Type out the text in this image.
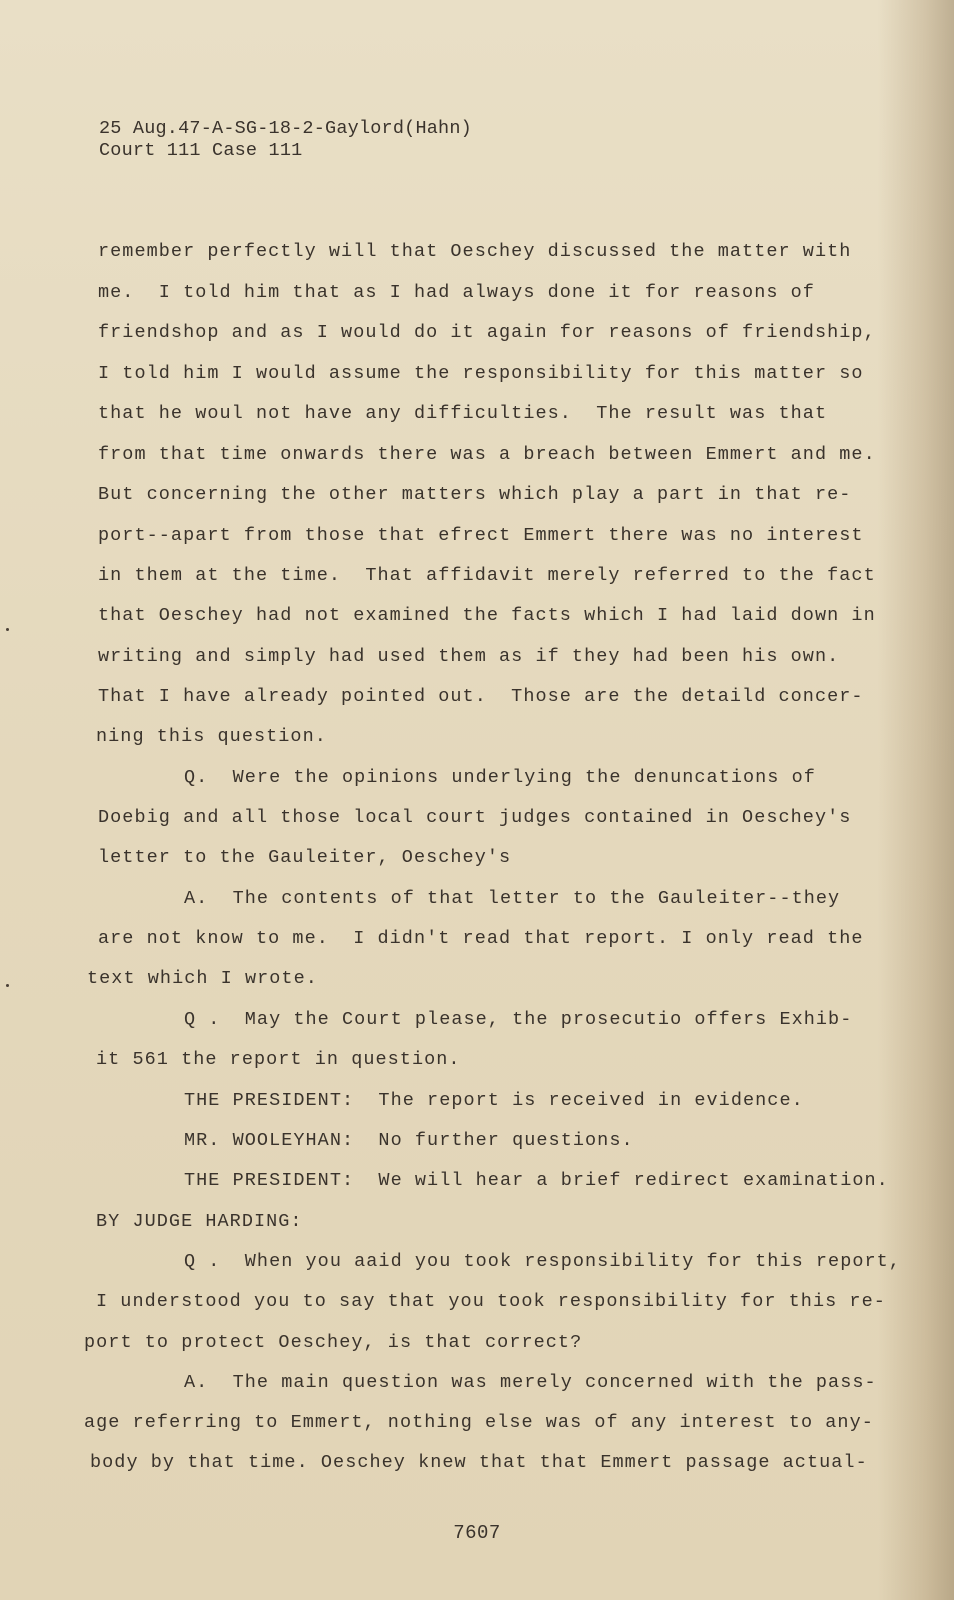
25 Aug.47-A-SG-18-2-Gaylord(Hahn)
Court 111 Case 111
remember perfectly will that Oeschey discussed the matter with
me.  I told him that as I had always done it for reasons of
friendshop and as I would do it again for reasons of friendship,
I told him I would assume the responsibility for this matter so
that he woul not have any difficulties.  The result was that
from that time onwards there was a breach between Emmert and me.
But concerning the other matters which play a part in that re-
port--apart from those that efrect Emmert there was no interest
in them at the time.  That affidavit merely referred to the fact
that Oeschey had not examined the facts which I had laid down in
writing and simply had used them as if they had been his own.
That I have already pointed out.  Those are the detaild concer-
ning this question.
Q.  Were the opinions underlying the denuncations of
Doebig and all those local court judges contained in Oeschey's
letter to the Gauleiter, Oeschey's
A.  The contents of that letter to the Gauleiter--they
are not know to me.  I didn't read that report. I only read the
text which I wrote.
Q .  May the Court please, the prosecutio offers Exhib-
it 561 the report in question.
THE PRESIDENT:  The report is received in evidence.
MR. WOOLEYHAN:  No further questions.
THE PRESIDENT:  We will hear a brief redirect examination.
BY JUDGE HARDING:
Q .  When you aaid you took responsibility for this report,
I understood you to say that you took responsibility for this re-
port to protect Oeschey, is that correct?
A.  The main question was merely concerned with the pass-
age referring to Emmert, nothing else was of any interest to any-
body by that time. Oeschey knew that that Emmert passage actual-
7607
